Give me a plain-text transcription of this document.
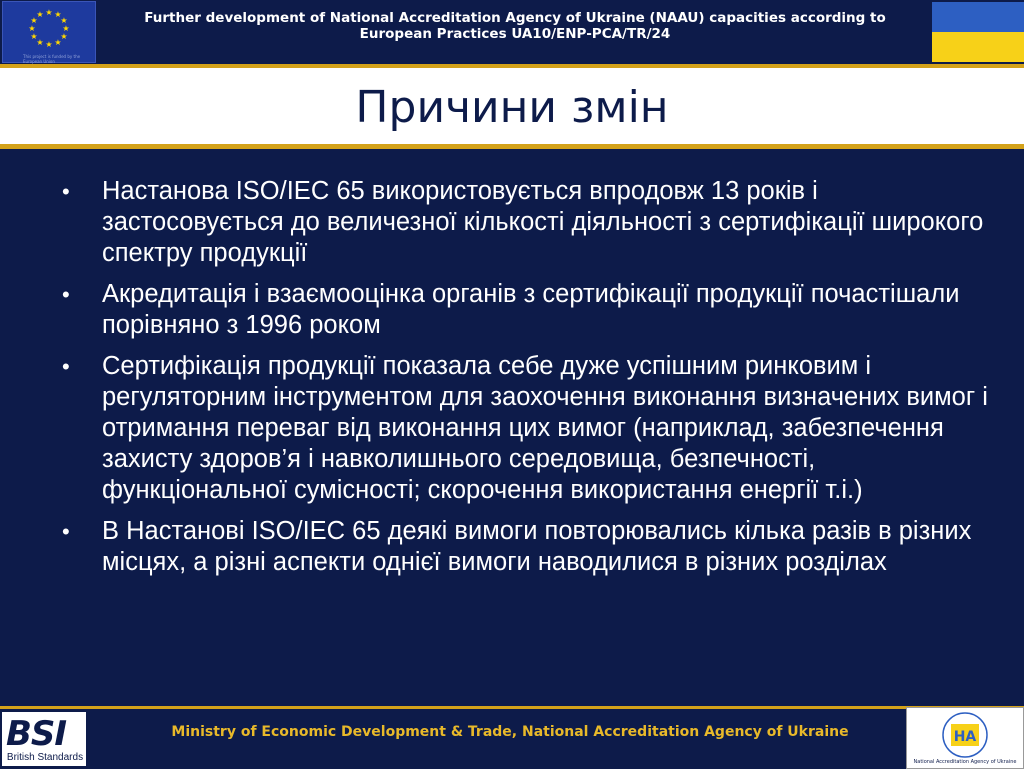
★ ★
★
★
★
★
★
★
★
★
★
★
This project is funded by the European Union
Further development of National Accreditation Agency of Ukraine (NAAU) capacities according to
European Practices UA10/ENP-PCA/TR/24
Причини змін
• Настанова ISO/IEC 65 використовується впродовж 13 років і застосовується до величезної кількості діяльності з сертифікації широкого спектру продукції
• Акредитація і взаємооцінка органів з сертифікації продукції почастішали порівняно з 1996 роком
• Сертифікація продукції показала себе дуже успішним ринковим і регуляторним інструментом для заохочення виконання визначених вимог і отримання переваг від виконання цих вимог (наприклад, забезпечення захисту здоров’я і навколишнього середовища, безпечності, функціональної сумісності; скорочення використання енергії т.і.)
• В Настанові ISO/IEC 65 деякі вимоги повторювались кілька разів в різних місцях, а різні аспекти однієї вимоги наводилися в різних розділах
BSI
British Standards
Ministry of Economic Development & Trade, National Accreditation Agency of Ukraine	НА
National Accreditation Agency of Ukraine
